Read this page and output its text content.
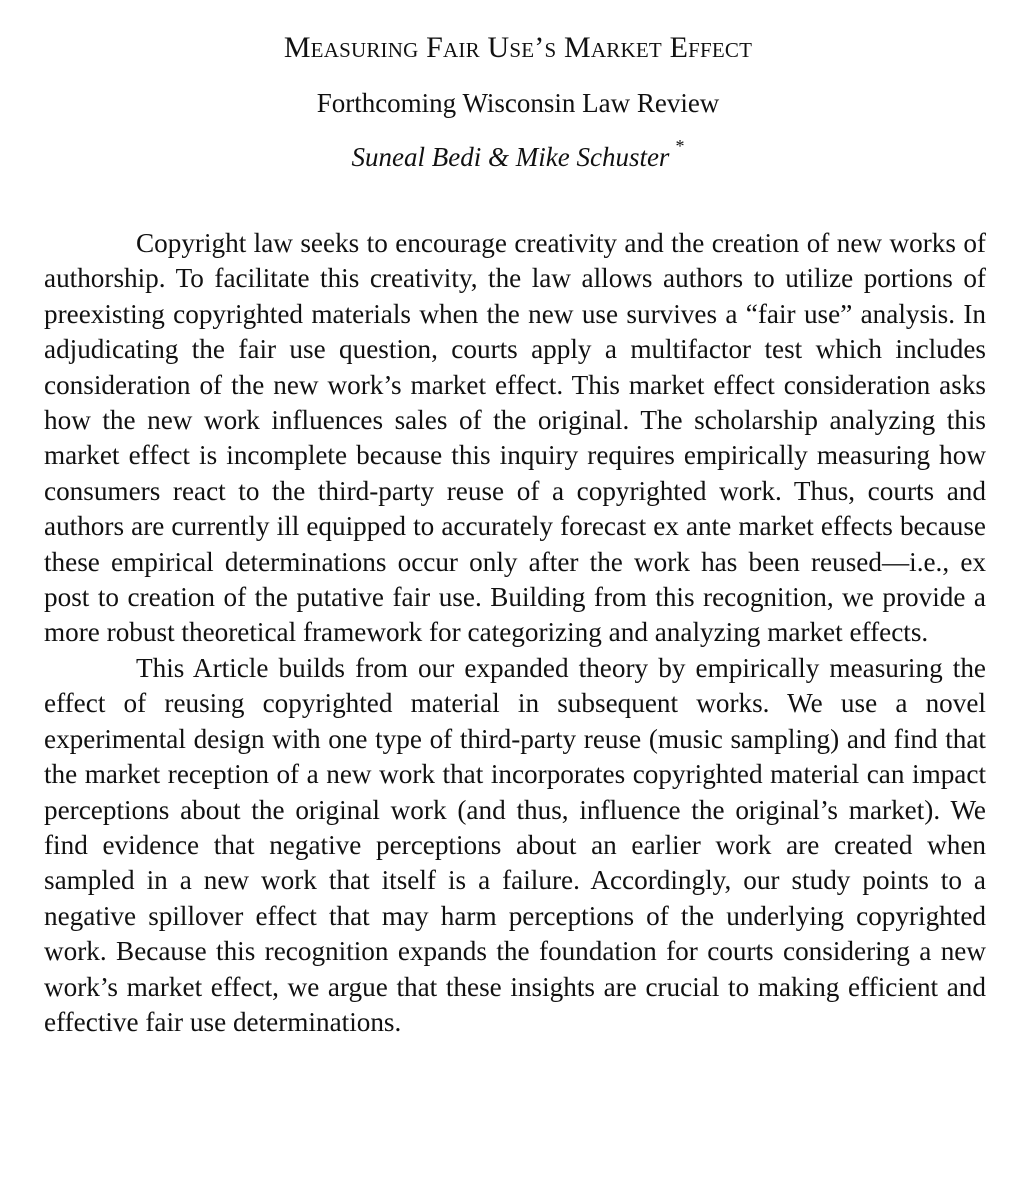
Measuring Fair Use’s Market Effect
Forthcoming Wisconsin Law Review
Suneal Bedi & Mike Schuster *

Copyright law seeks to encourage creativity and the creation of new works of authorship. To facilitate this creativity, the law allows authors to utilize portions of preexisting copyrighted materials when the new use survives a “fair use” analysis. In adjudicating the fair use question, courts apply a multifactor test which includes consideration of the new work’s market effect. This market effect consideration asks how the new work influences sales of the original. The scholarship analyzing this market effect is incomplete because this inquiry requires empirically measuring how consumers react to the third-party reuse of a copyrighted work. Thus, courts and authors are currently ill equipped to accurately forecast ex ante market effects because these empirical determinations occur only after the work has been reused—i.e., ex post to creation of the putative fair use. Building from this recognition, we provide a more robust theoretical framework for categorizing and analyzing market effects.

This Article builds from our expanded theory by empirically measuring the effect of reusing copyrighted material in subsequent works. We use a novel experimental design with one type of third-party reuse (music sampling) and find that the market reception of a new work that incorporates copyrighted material can impact perceptions about the original work (and thus, influence the original’s market). We find evidence that negative perceptions about an earlier work are created when sampled in a new work that itself is a failure. Accordingly, our study points to a negative spillover effect that may harm perceptions of the underlying copyrighted work. Because this recognition expands the foundation for courts considering a new work’s market effect, we argue that these insights are crucial to making efficient and effective fair use determinations.
